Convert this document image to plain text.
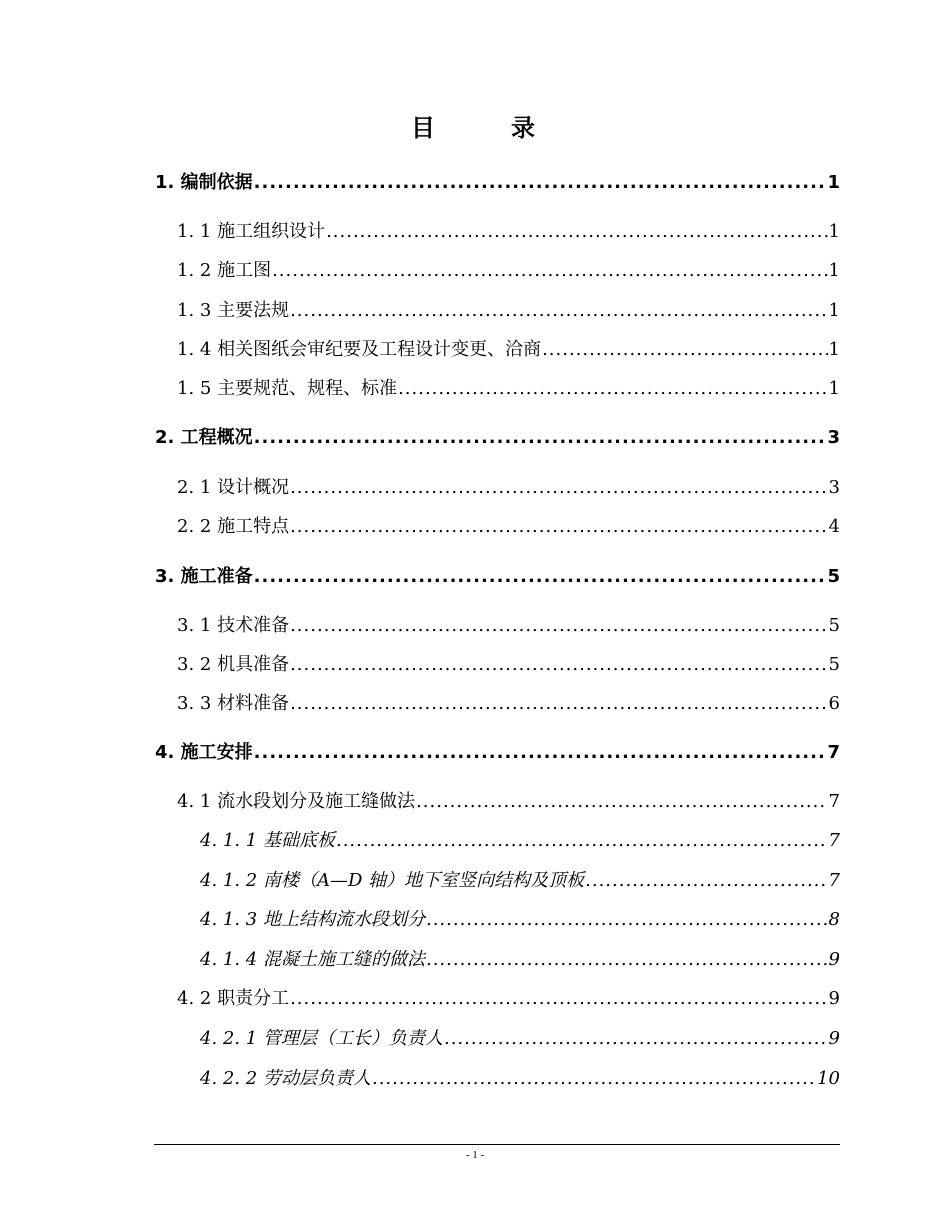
目　录
1. 编制依据 .....	1
1. 1 施工组织设计 .....	1
1. 2 施工图 .....	1
1. 3 主要法规 .....	1
1. 4 相关图纸会审纪要及工程设计变更、洽商 .....	1
1. 5 主要规范、规程、标准 .....	1
2. 工程概况 .....	3
2. 1 设计概况 .....	3
2. 2 施工特点 .....	4
3. 施工准备 .....	5
3. 1 技术准备 .....	5
3. 2 机具准备 .....	5
3. 3 材料准备 .....	6
4. 施工安排 .....	7
4. 1 流水段划分及施工缝做法 .....	7
4. 1. 1 基础底板 .....	7
4. 1. 2 南楼（A—D 轴）地下室竖向结构及顶板 .....	7
4. 1. 3 地上结构流水段划分 .....	8
4. 1. 4 混凝土施工缝的做法 .....	9
4. 2 职责分工 .....	9
4. 2. 1 管理层（工长）负责人 .....	9
4. 2. 2 劳动层负责人 .....	10
- 1 -
